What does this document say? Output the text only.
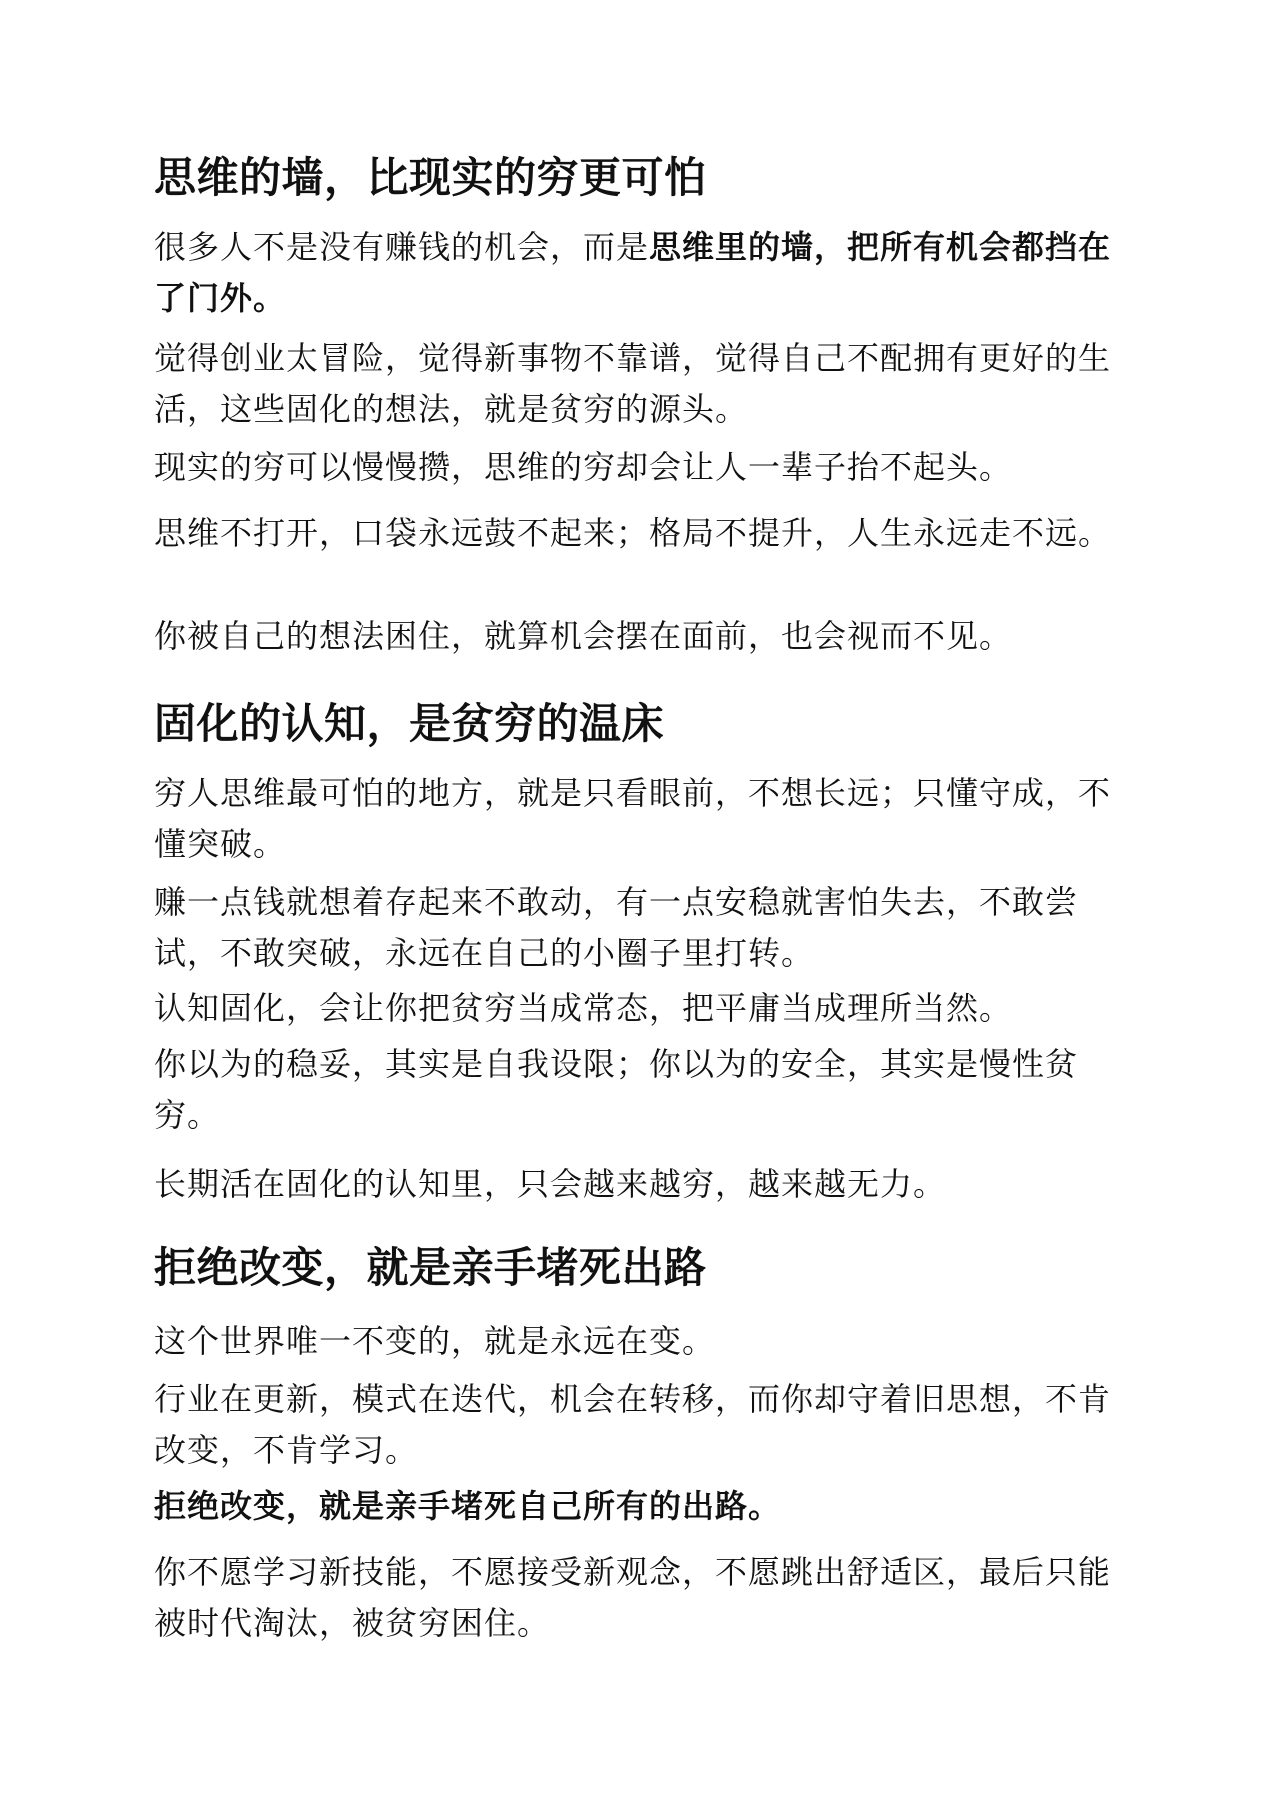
思维的墙，比现实的穷更可怕

很多人不是没有赚钱的机会，而是思维里的墙，把所有机会都挡在了门外。

觉得创业太冒险，觉得新事物不靠谱，觉得自己不配拥有更好的生活，这些固化的想法，就是贫穷的源头。

现实的穷可以慢慢攒，思维的穷却会让人一辈子抬不起头。

思维不打开，口袋永远鼓不起来；格局不提升，人生永远走不远。

你被自己的想法困住，就算机会摆在面前，也会视而不见。

固化的认知，是贫穷的温床

穷人思维最可怕的地方，就是只看眼前，不想长远；只懂守成，不懂突破。

赚一点钱就想着存起来不敢动，有一点安稳就害怕失去，不敢尝试，不敢突破，永远在自己的小圈子里打转。

认知固化，会让你把贫穷当成常态，把平庸当成理所当然。

你以为的稳妥，其实是自我设限；你以为的安全，其实是慢性贫穷。

长期活在固化的认知里，只会越来越穷，越来越无力。

拒绝改变，就是亲手堵死出路

这个世界唯一不变的，就是永远在变。

行业在更新，模式在迭代，机会在转移，而你却守着旧思想，不肯改变，不肯学习。

拒绝改变，就是亲手堵死自己所有的出路。

你不愿学习新技能，不愿接受新观念，不愿跳出舒适区，最后只能被时代淘汰，被贫穷困住。
